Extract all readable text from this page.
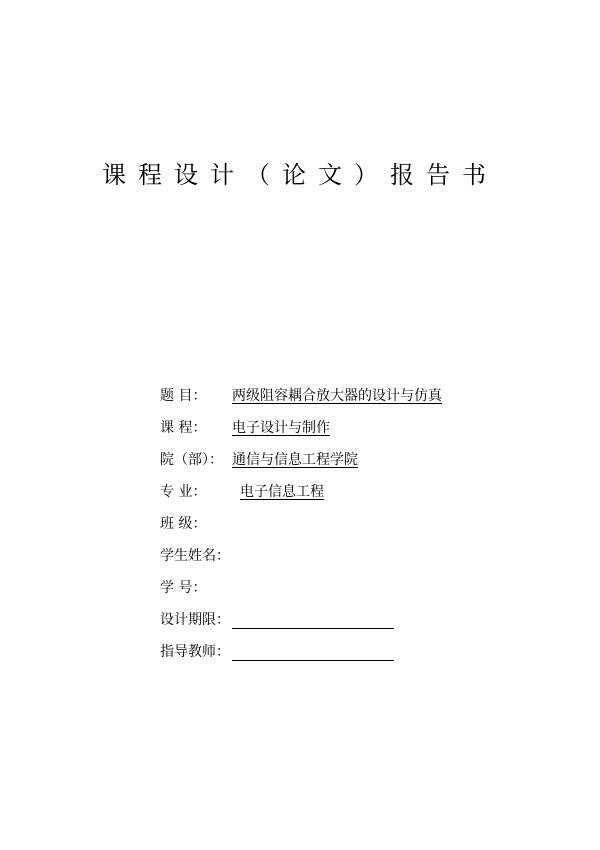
课程设计（论文）报告书
题 目：	两级阻容耦合放大器的设计与仿真
课 程：	电子设计与制作
院（部）： 通信与信息工程学院
专 业：	电子信息工程
班 级：
学生姓名：
学 号：
设计期限：
指导教师：
